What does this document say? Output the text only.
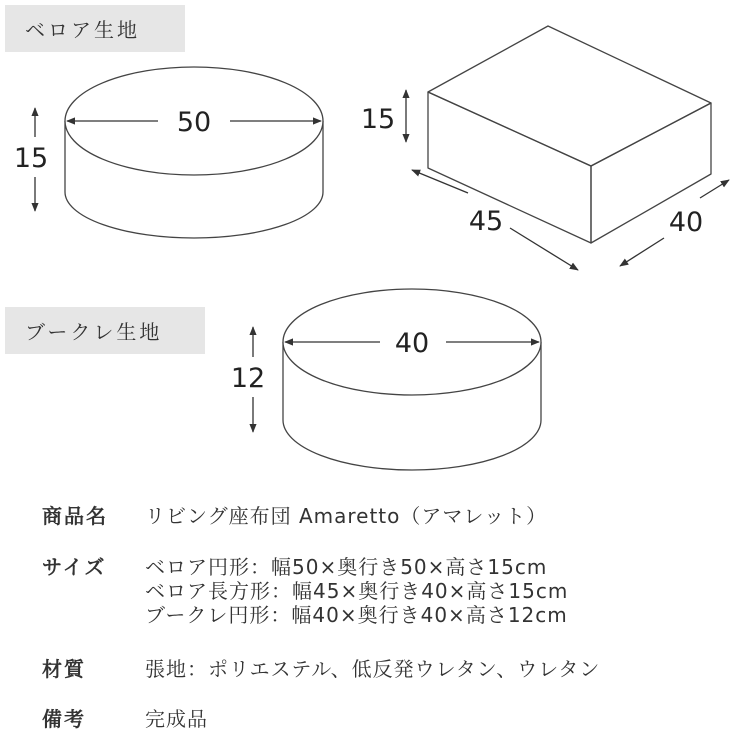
ベロア生地
ブークレ生地
50
15
15
45	40
40
12
商品名	リビング座布団 Amaretto（アマレット）
サイズ	ベロア円形：幅50×奥行き50×高さ15cm
ベロア長方形：幅45×奥行き40×高さ15cm
ブークレ円形：幅40×奥行き40×高さ12cm
材質	張地：ポリエステル、低反発ウレタン、ウレタン
備考	完成品
